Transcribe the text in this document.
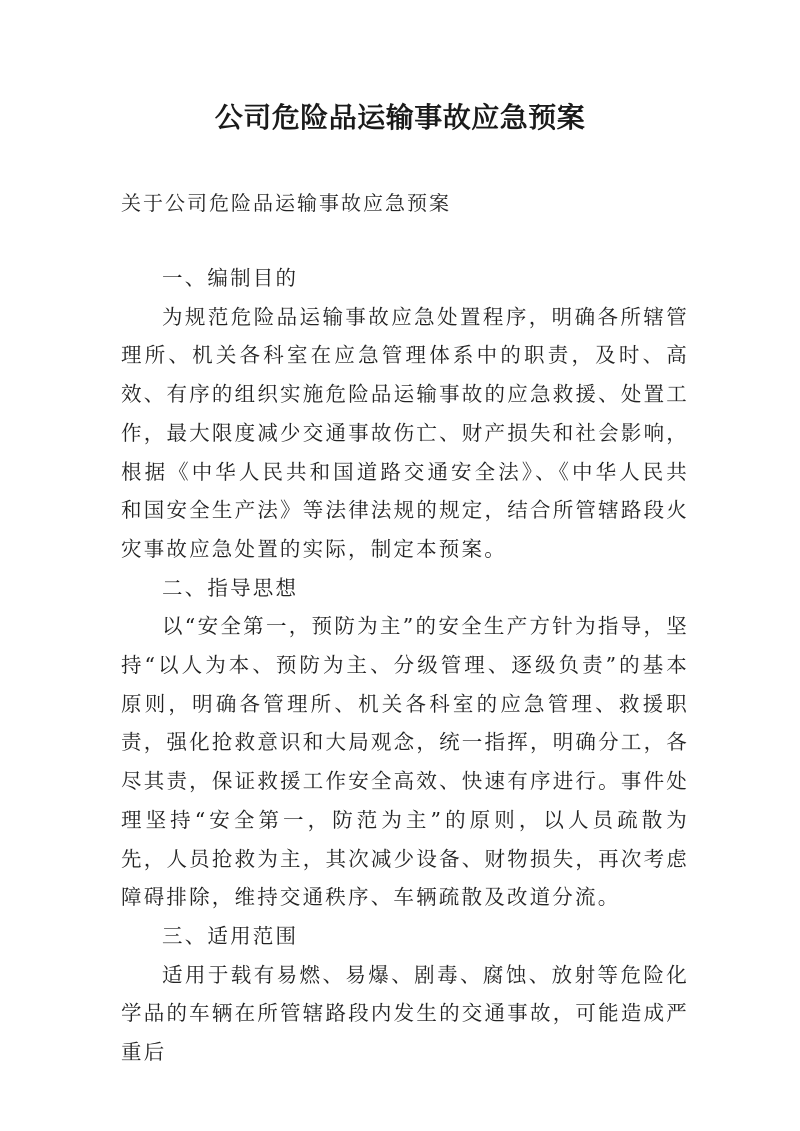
公司危险品运输事故应急预案
关于公司危险品运输事故应急预案

一、编制目的

为规范危险品运输事故应急处置程序，明确各所辖管理所、机关各科室在应急管理体系中的职责，及时、高效、有序的组织实施危险品运输事故的应急救援、处置工作，最大限度减少交通事故伤亡、财产损失和社会影响，根据《中华人民共和国道路交通安全法》、《中华人民共和国安全生产法》等法律法规的规定，结合所管辖路段火灾事故应急处置的实际，制定本预案。

二、指导思想

以“安全第一，预防为主”的安全生产方针为指导，坚持“以人为本、预防为主、分级管理、逐级负责”的基本原则，明确各管理所、机关各科室的应急管理、救援职责，强化抢救意识和大局观念，统一指挥，明确分工，各尽其责，保证救援工作安全高效、快速有序进行。事件处理坚持“安全第一，防范为主”的原则，以人员疏散为先，人员抢救为主，其次减少设备、财物损失，再次考虑障碍排除，维持交通秩序、车辆疏散及改道分流。

三、适用范围

适用于载有易燃、易爆、剧毒、腐蚀、放射等危险化学品的车辆在所管辖路段内发生的交通事故，可能造成严重后
